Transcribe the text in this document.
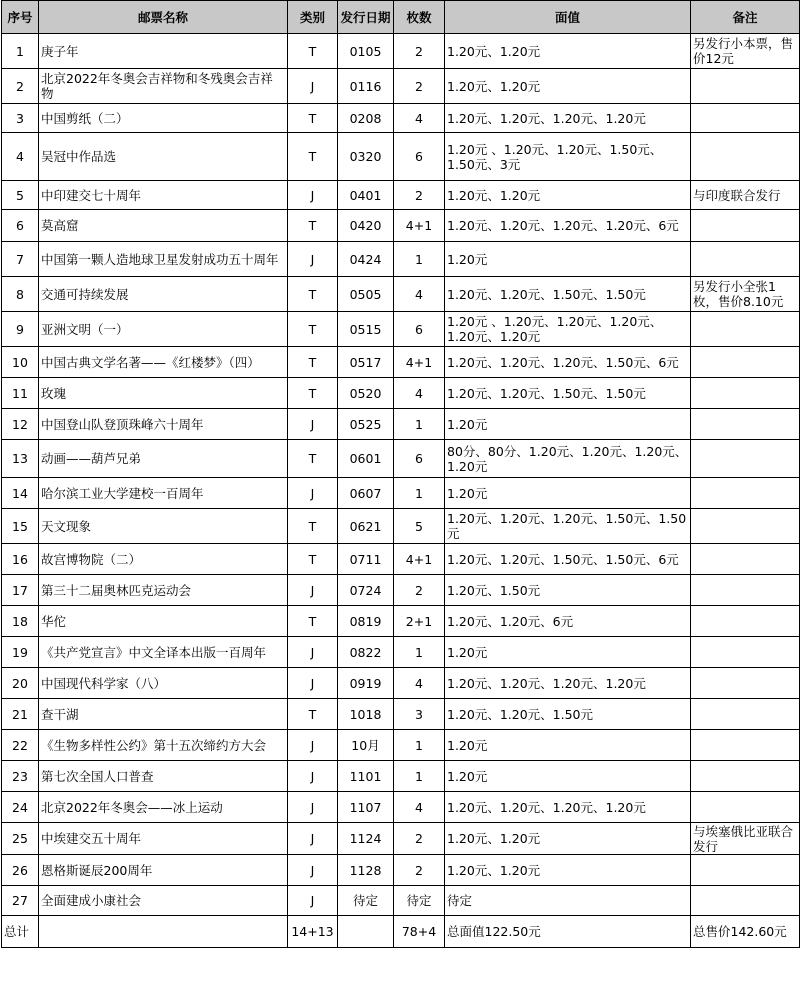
序号	邮票名称	类别	发行日期	枚数	面值	备注
1	庚子年	T	0105	2	1.20元、1.20元	另发行小本票，售价12元
2	北京2022年冬奥会吉祥物和冬残奥会吉祥物	J	0116	2	1.20元、1.20元	
3	中国剪纸（二）	T	0208	4	1.20元、1.20元、1.20元、1.20元	
4	吴冠中作品选	T	0320	6	1.20元 、1.20元、1.20元、1.50元、1.50元、3元	
5	中印建交七十周年	J	0401	2	1.20元、1.20元	与印度联合发行
6	莫高窟	T	0420	4+1	1.20元、1.20元、1.20元、1.20元、6元	
7	中国第一颗人造地球卫星发射成功五十周年	J	0424	1	1.20元	
8	交通可持续发展	T	0505	4	1.20元、1.20元、1.50元、1.50元	另发行小全张1枚，售价8.10元
9	亚洲文明（一）	T	0515	6	1.20元 、1.20元、1.20元、1.20元、1.20元、1.20元	
10	中国古典文学名著——《红楼梦》（四）	T	0517	4+1	1.20元、1.20元、1.20元、1.50元、6元	
11	玫瑰	T	0520	4	1.20元、1.20元、1.50元、1.50元	
12	中国登山队登顶珠峰六十周年	J	0525	1	1.20元	
13	动画——葫芦兄弟	T	0601	6	80分、80分、1.20元、1.20元、1.20元、1.20元	
14	哈尔滨工业大学建校一百周年	J	0607	1	1.20元	
15	天文现象	T	0621	5	1.20元、1.20元、1.20元、1.50元、1.50元	
16	故宫博物院（二）	T	0711	4+1	1.20元、1.20元、1.50元、1.50元、6元	
17	第三十二届奥林匹克运动会	J	0724	2	1.20元、1.50元	
18	华佗	T	0819	2+1	1.20元、1.20元、6元	
19	《共产党宣言》中文全译本出版一百周年	J	0822	1	1.20元	
20	中国现代科学家（八）	J	0919	4	1.20元、1.20元、1.20元、1.20元	
21	查干湖	T	1018	3	1.20元、1.20元、1.50元	
22	《生物多样性公约》第十五次缔约方大会	J	10月	1	1.20元	
23	第七次全国人口普查	J	1101	1	1.20元	
24	北京2022年冬奥会——冰上运动	J	1107	4	1.20元、1.20元、1.20元、1.20元	
25	中埃建交五十周年	J	1124	2	1.20元、1.20元	与埃塞俄比亚联合发行
26	恩格斯诞辰200周年	J	1128	2	1.20元、1.20元	
27	全面建成小康社会	J	待定	待定	待定	
总计		14+13		78+4	总面值122.50元	总售价142.60元
